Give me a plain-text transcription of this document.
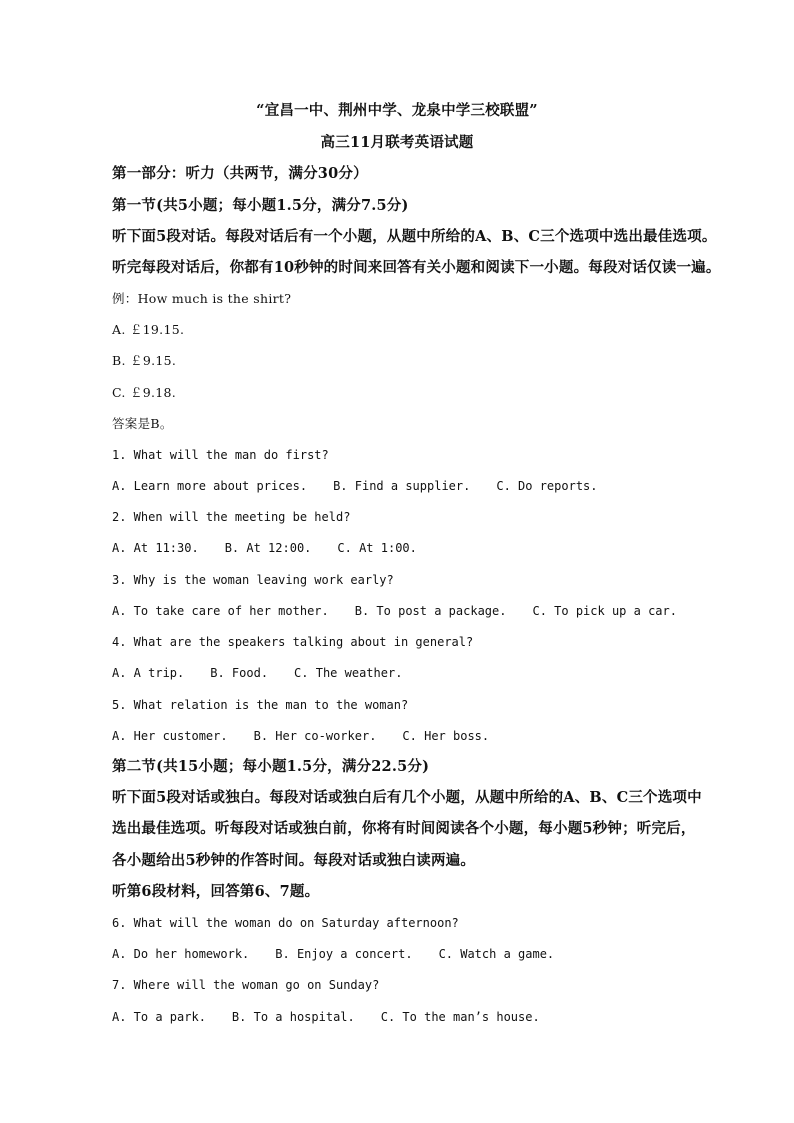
“宜昌一中、荆州中学、龙泉中学三校联盟”
高三11月联考英语试题
第一部分：听力（共两节，满分30分）
第一节(共5小题；每小题1.5分，满分7.5分)
听下面5段对话。每段对话后有一个小题，从题中所给的A、B、C三个选项中选出最佳选项。
听完每段对话后，你都有10秒钟的时间来回答有关小题和阅读下一小题。每段对话仅读一遍。
例：How much is the shirt?
A. ￡19.15.
B. ￡9.15.
C. ￡9.18.
答案是B。
1. What will the man do first?
A. Learn more about prices. B. Find a supplier. C. Do reports.
2. When will the meeting be held?
A. At 11:30. B. At 12:00. C. At 1:00.
3. Why is the woman leaving work early?
A. To take care of her mother. B. To post a package. C. To pick up a car.
4. What are the speakers talking about in general?
A. A trip. B. Food. C. The weather.
5. What relation is the man to the woman?
A. Her customer. B. Her co-worker. C. Her boss.
第二节(共15小题；每小题1.5分，满分22.5分)
听下面5段对话或独白。每段对话或独白后有几个小题，从题中所给的A、B、C三个选项中
选出最佳选项。听每段对话或独白前，你将有时间阅读各个小题，每小题5秒钟；听完后，
各小题给出5秒钟的作答时间。每段对话或独白读两遍。
听第6段材料，回答第6、7题。
6. What will the woman do on Saturday afternoon?
A. Do her homework. B. Enjoy a concert. C. Watch a game.
7. Where will the woman go on Sunday?
A. To a park. B. To a hospital. C. To the man’s house.
